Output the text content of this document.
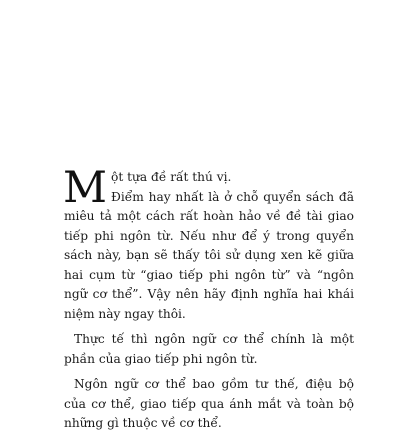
M ột tựa đề rất thú vị.
Điểm hay nhất là ở chỗ quyển sách đã miêu tả một cách rất hoàn hảo về đề tài giao tiếp phi ngôn từ. Nếu như để ý trong quyển sách này, bạn sẽ thấy tôi sử dụng xen kẽ giữa hai cụm từ “giao tiếp phi ngôn từ” và “ngôn ngữ cơ thể”. Vậy nên hãy định nghĩa hai khái niệm này ngay thôi.

Thực tế thì ngôn ngữ cơ thể chính là một phần của giao tiếp phi ngôn từ.

Ngôn ngữ cơ thể bao gồm tư thế, điệu bộ của cơ thể, giao tiếp qua ánh mắt và toàn bộ những gì thuộc về cơ thể.
